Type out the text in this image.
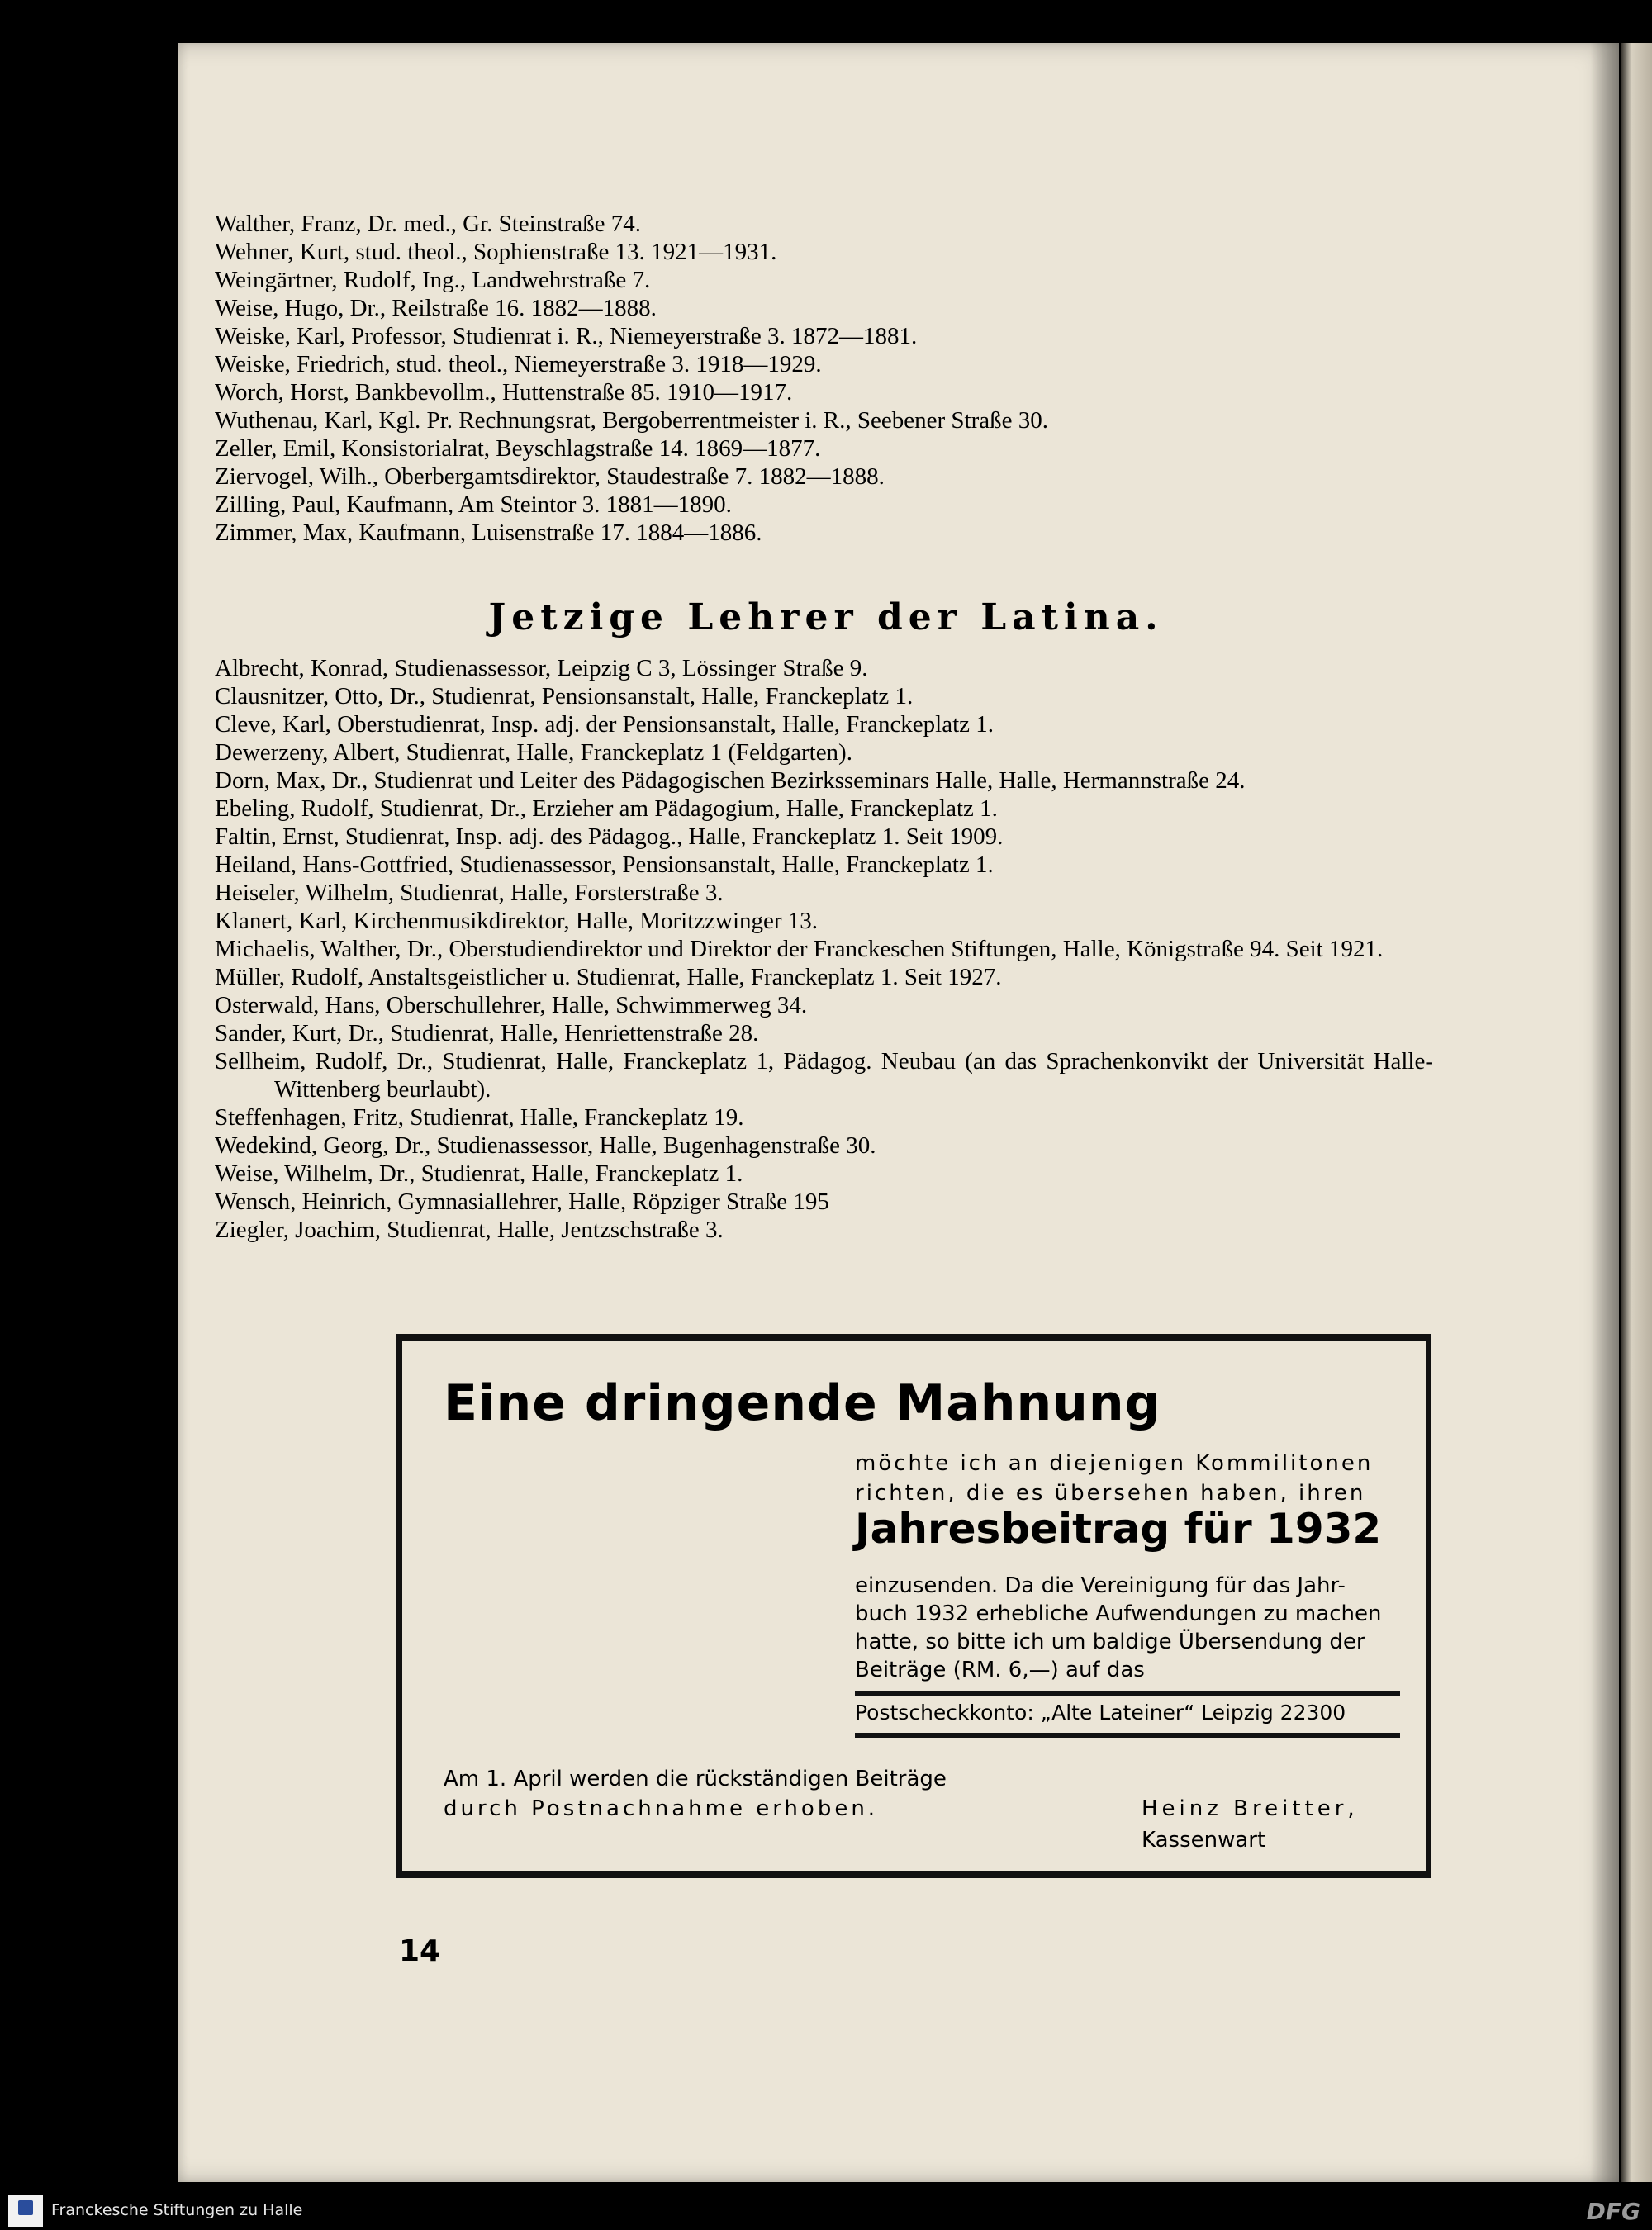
Walther, Franz, Dr. med., Gr. Steinstraße 74.

Wehner, Kurt, stud. theol., Sophienstraße 13. 1921—1931.

Weingärtner, Rudolf, Ing., Landwehrstraße 7.

Weise, Hugo, Dr., Reilstraße 16. 1882—1888.

Weiske, Karl, Professor, Studienrat i. R., Niemeyerstraße 3. 1872—1881.

Weiske, Friedrich, stud. theol., Niemeyerstraße 3. 1918—1929.

Worch, Horst, Bankbevollm., Huttenstraße 85. 1910—1917.

Wuthenau, Karl, Kgl. Pr. Rechnungsrat, Bergoberrentmeister i. R., Seebener Straße 30.

Zeller, Emil, Konsistorialrat, Beyschlagstraße 14. 1869—1877.

Ziervogel, Wilh., Oberbergamtsdirektor, Staudestraße 7. 1882—1888.

Zilling, Paul, Kaufmann, Am Steintor 3. 1881—1890.

Zimmer, Max, Kaufmann, Luisenstraße 17. 1884—1886.

Jetzige Lehrer der Latina.

Albrecht, Konrad, Studienassessor, Leipzig C 3, Lössinger Straße 9.

Clausnitzer, Otto, Dr., Studienrat, Pensionsanstalt, Halle, Franckeplatz 1.

Cleve, Karl, Oberstudienrat, Insp. adj. der Pensionsanstalt, Halle, Franckeplatz 1.

Dewerzeny, Albert, Studienrat, Halle, Franckeplatz 1 (Feldgarten).

Dorn, Max, Dr., Studienrat und Leiter des Pädagogischen Bezirksseminars Halle, Halle, Hermannstraße 24.

Ebeling, Rudolf, Studienrat, Dr., Erzieher am Pädagogium, Halle, Franckeplatz 1.

Faltin, Ernst, Studienrat, Insp. adj. des Pädagog., Halle, Franckeplatz 1. Seit 1909.

Heiland, Hans-Gottfried, Studienassessor, Pensionsanstalt, Halle, Franckeplatz 1.

Heiseler, Wilhelm, Studienrat, Halle, Forsterstraße 3.

Klanert, Karl, Kirchenmusikdirektor, Halle, Moritzzwinger 13.

Michaelis, Walther, Dr., Oberstudiendirektor und Direktor der Franckeschen Stiftungen, Halle, Königstraße 94. Seit 1921.

Müller, Rudolf, Anstaltsgeistlicher u. Studienrat, Halle, Franckeplatz 1. Seit 1927.

Osterwald, Hans, Oberschullehrer, Halle, Schwimmerweg 34.

Sander, Kurt, Dr., Studienrat, Halle, Henriettenstraße 28.

Sellheim, Rudolf, Dr., Studienrat, Halle, Franckeplatz 1, Pädagog. Neubau (an das Sprachenkonvikt der Universität Halle-Wittenberg beurlaubt).

Steffenhagen, Fritz, Studienrat, Halle, Franckeplatz 19.

Wedekind, Georg, Dr., Studienassessor, Halle, Bugenhagenstraße 30.

Weise, Wilhelm, Dr., Studienrat, Halle, Franckeplatz 1.

Wensch, Heinrich, Gymnasiallehrer, Halle, Röpziger Straße 195

Ziegler, Joachim, Studienrat, Halle, Jentzschstraße 3.

Eine dringende Mahnung
möchte ich an diejenigen Kommilitonen
richten, die es übersehen haben, ihren
Jahresbeitrag für 1932
einzusenden. Da die Vereinigung für das Jahr-
buch 1932 erhebliche Aufwendungen zu machen
hatte, so bitte ich um baldige Übersendung der
Beiträge (RM. 6,—) auf das
Postscheckkonto: „Alte Lateiner“ Leipzig 22300
Am 1. April werden die rückständigen Beiträge
durch Postnachnahme erhoben.	Heinz Breitter,
Kassenwart
14
Franckesche Stiftungen zu Halle	DFG
